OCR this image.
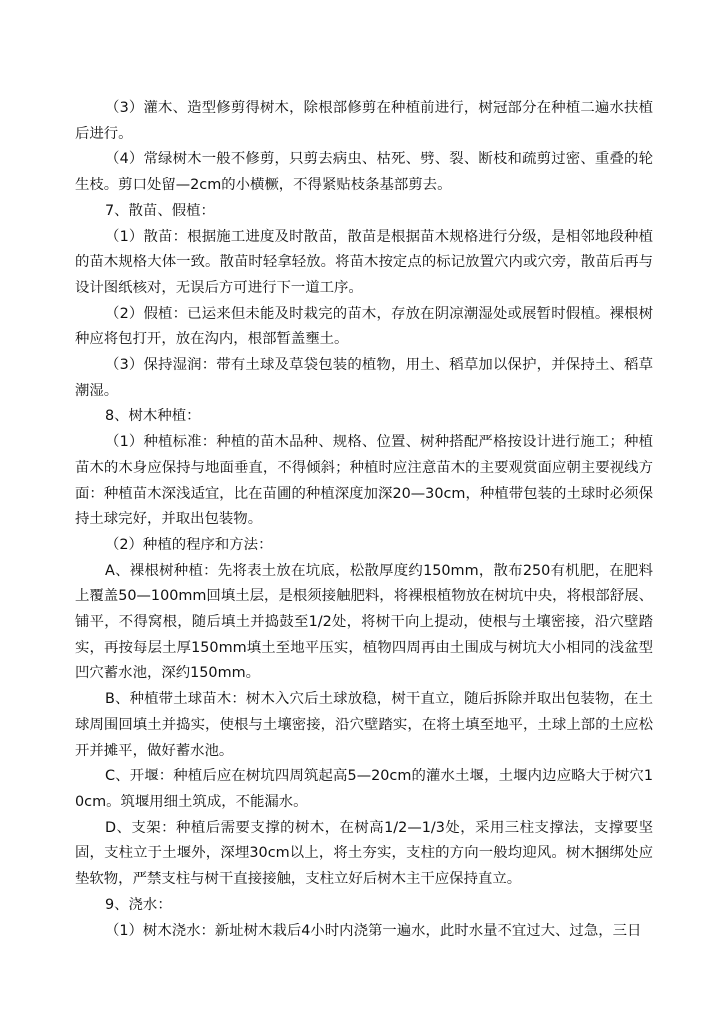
（3）灌木、造型修剪得树木，除根部修剪在种植前进行，树冠部分在种植二遍水扶植后进行。

（4）常绿树木一般不修剪，只剪去病虫、枯死、劈、裂、断枝和疏剪过密、重叠的轮生枝。剪口处留—2cm的小横橛，不得紧贴枝条基部剪去。

7、散苗、假植：

（1）散苗：根据施工进度及时散苗，散苗是根据苗木规格进行分级，是相邻地段种植的苗木规格大体一致。散苗时轻拿轻放。将苗木按定点的标记放置穴内或穴旁，散苗后再与设计图纸核对，无误后方可进行下一道工序。

（2）假植：已运来但未能及时栽完的苗木，存放在阴凉潮湿处或展暂时假植。裸根树种应将包打开，放在沟内，根部暂盖壅土。

（3）保持湿润：带有土球及草袋包装的植物，用土、稻草加以保护，并保持土、稻草潮湿。

8、树木种植：

（1）种植标准：种植的苗木品种、规格、位置、树种搭配严格按设计进行施工；种植苗木的木身应保持与地面垂直，不得倾斜；种植时应注意苗木的主要观赏面应朝主要视线方面：种植苗木深浅适宜，比在苗圃的种植深度加深20—30cm，种植带包装的土球时必须保持土球完好，并取出包装物。

（2）种植的程序和方法：

A、裸根树种植：先将表土放在坑底，松散厚度约150mm，散布250有机肥，在肥料上覆盖50—100mm回填土层，是根须接触肥料，将裸根植物放在树坑中央，将根部舒展、铺平，不得窝根，随后填土并捣鼓至1/2处，将树干向上提动，使根与土壤密接，沿穴壁踏实，再按每层土厚150mm填土至地平压实，植物四周再由土围成与树坑大小相同的浅盆型凹穴蓄水池，深约150mm。

B、种植带土球苗木：树木入穴后土球放稳，树干直立，随后拆除并取出包装物，在土球周围回填土并捣实，使根与土壤密接，沿穴壁踏实，在将土填至地平，土球上部的土应松开并摊平，做好蓄水池。

C、开堰：种植后应在树坑四周筑起高5—20cm的灌水土堰，土堰内边应略大于树穴10cm。筑堰用细土筑成，不能漏水。

D、支架：种植后需要支撑的树木，在树高1/2—1/3处，采用三柱支撑法，支撑要坚固，支柱立于土堰外，深埋30cm以上，将土夯实，支柱的方向一般均迎风。树木捆绑处应垫软物，严禁支柱与树干直接接触，支柱立好后树木主干应保持直立。

9、浇水：

（1）树木浇水：新址树木栽后4小时内浇第一遍水，此时水量不宜过大、过急，三日
